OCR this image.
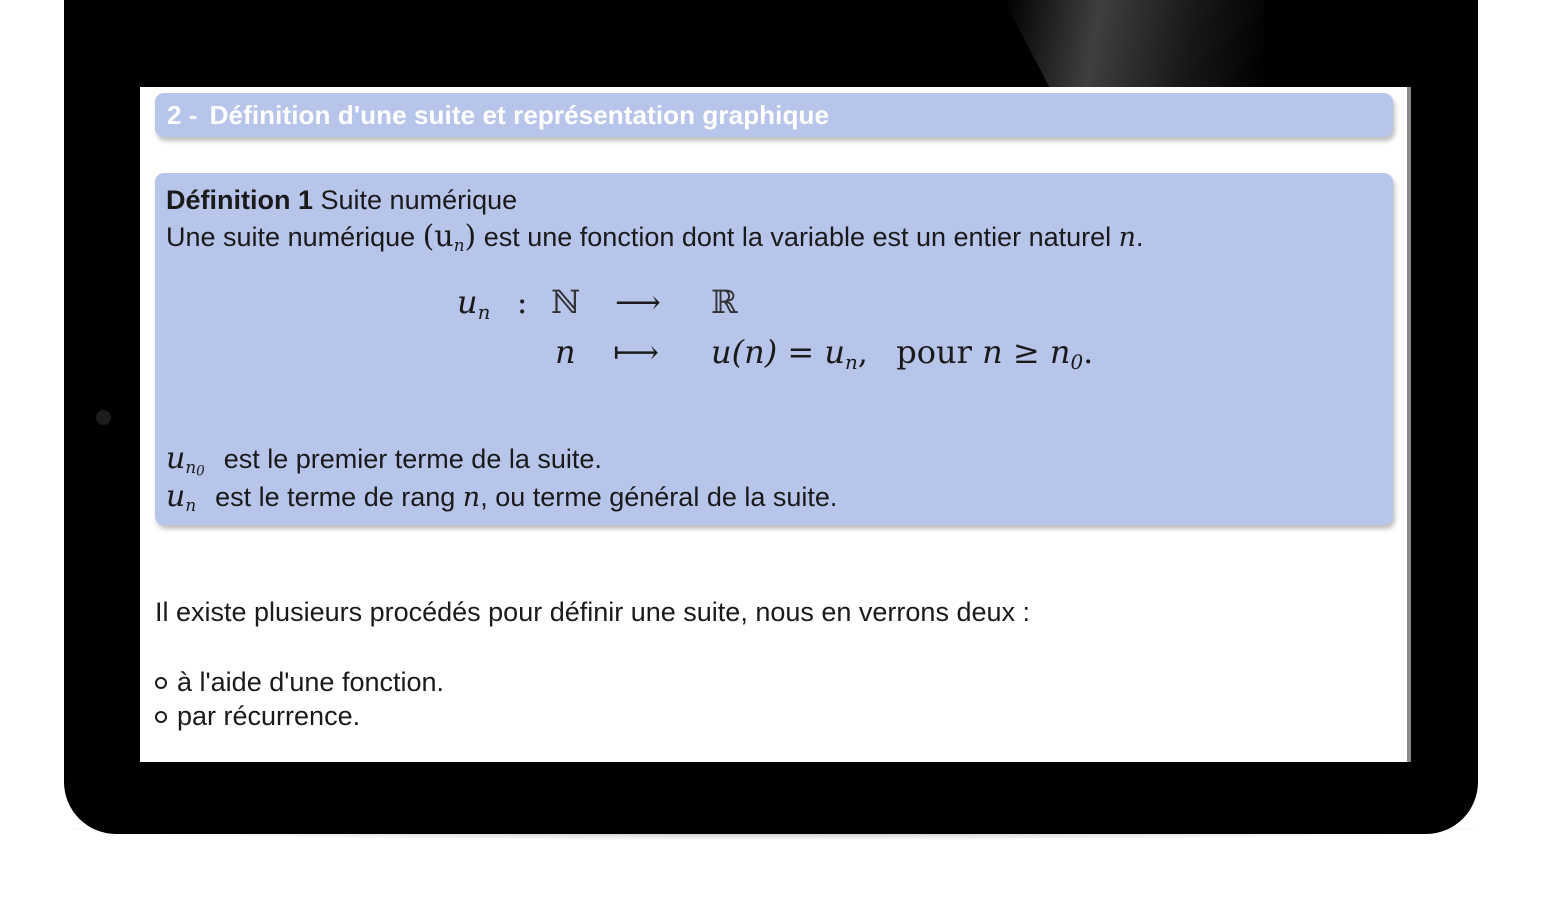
2 - Définition d'une suite et représentation graphique
Définition 1 Suite numérique
Une suite numérique $(u_n)$ est une fonction dont la variable est un entier naturel n.
$u_n$ : ℕ ⟶ ℝ
n ⟼ $u(n) = u_n$, pour $n \ge n_0$.
$u_{n0}$ est le premier terme de la suite.
$u_n$ est le terme de rang n, ou terme général de la suite.
Il existe plusieurs procédés pour définir une suite, nous en verrons deux :
à l'aide d'une fonction.
par récurrence.
